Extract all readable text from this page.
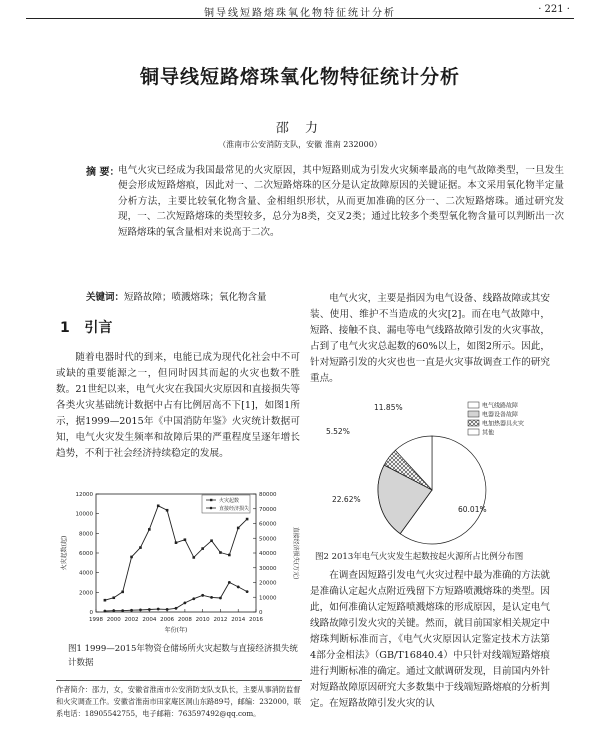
铜导线短路熔珠氧化物特征统计分析	· 221 ·
铜导线短路熔珠氧化物特征统计分析
邵 力
（淮南市公安消防支队，安徽 淮南 232000）
摘 要：
电气火灾已经成为我国最常见的火灾原因，其中短路则成为引发火灾频率最高的电气故障类型，一旦发生便会形成短路熔痕，因此对一、二次短路熔珠的区分是认定故障原因的关键证据。本文采用氧化物半定量分析方法，主要比较氧化物含量、金相组织形状，从而更加准确的区分一、二次短路熔珠。通过研究发现，一、二次短路熔珠的类型较多，总分为8类，交叉2类；通过比较多个类型氧化物含量可以判断出一次短路熔珠的氧含量相对来说高于二次。
关键词：短路故障；喷溅熔珠；氧化物含量
1 引言
随着电器时代的到来，电能已成为现代化社会中不可或缺的重要能源之一，但同时因其而起的火灾也数不胜数。21世纪以来，电气火灾在我国火灾原因和直接损失等各类火灾基础统计数据中占有比例居高不下[1]，如图1所示，据1999—2015年《中国消防年鉴》火灾统计数据可知，电气火灾发生频率和故障后果的严重程度呈逐年增长趋势，不利于社会经济持续稳定的发展。
电气火灾，主要是指因为电气设备、线路故障或其安装、使用、维护不当造成的火灾[2]。而在电气故障中，短路、接触不良、漏电等电气线路故障引发的火灾事故，占到了电气火灾总起数的60%以上，如图2所示。因此，针对短路引发的火灾也也一直是火灾事故调查工作的研究重点。
在调查因短路引发电气火灾过程中最为准确的方法就是准确认定起火点附近残留下方短路喷溅熔珠的类型。因此，如何准确认定短路喷溅熔珠的形成原因，是认定电气线路故障引发火灾的关键。然而，就目前国家相关规定中熔珠判断标准而言，《电气火灾原因认定鉴定技术方法第4部分金相法》（GB/T16840.4）中只针对线端短路熔痕进行判断标准的确定。通过文献调研发现，目前国内外针对短路故障原因研究大多数集中于线端短路熔痕的分析判定。在短路故障引发火灾的认
1998 2000 2002 2004 2006 2008 2010 2012 2014 2016
0
2000
4000
6000
8000
10000
12000
0
10000
20000
30000
40000
50000
60000
70000
80000
年份(年)
火灾起数(起)	直接经济损失(万元)
火灾起数
直接经济损失
图1 1999—2015年物资仓储场所火灾起数与直接经济损失统计数据
60.01%
22.62%
5.52%
11.85%	电气线路故障
电器设备故障
电加热器具火灾
其他
图2 2013年电气火灾发生起数按起火源所占比例分布图
作者简介：邵力，女，安徽省淮南市公安消防支队支队长，主要从事消防监督和火灾调查工作。安徽省淮南市田家庵区洞山东路89号，邮编：232000，联系电话：18905542755，电子邮箱：763597492@qq.com。
